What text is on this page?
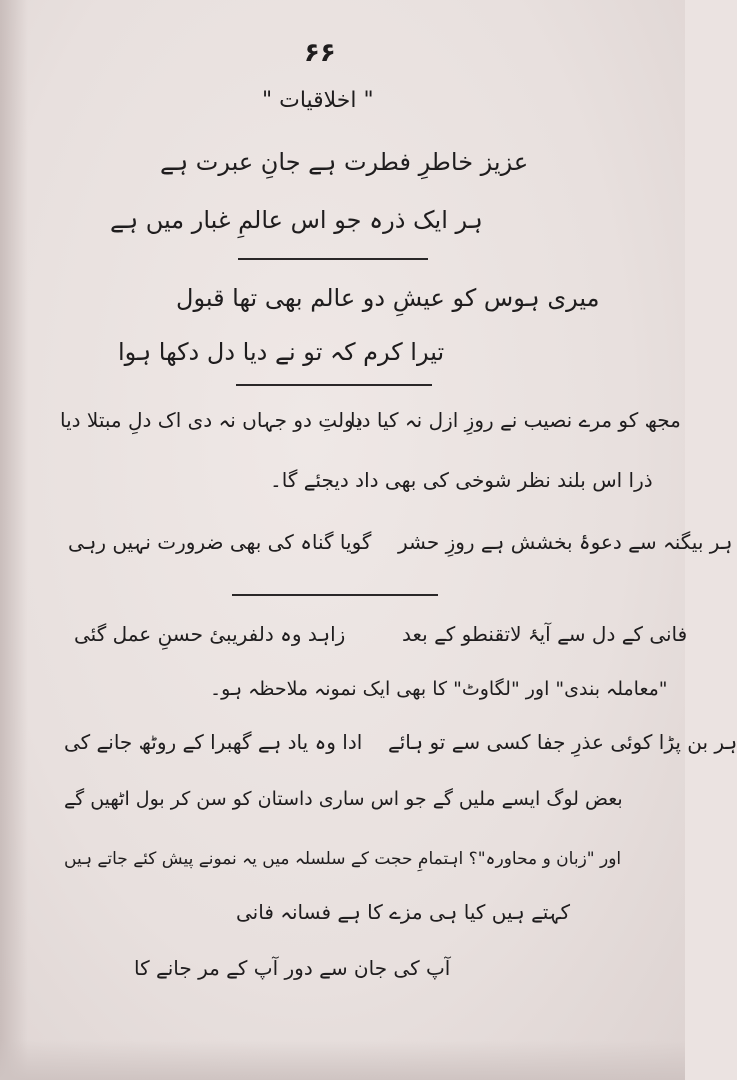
۶۶
" اخلاقیات "
عزیز خاطرِ فطرت ہے جانِ عبرت ہے
ہر ایک ذرہ جو اس عالمِ غبار میں ہے
میری ہوس کو عیشِ دو عالم بھی تھا قبول
تیرا کرم کہ تو نے دیا دل دکھا ہوا
مجھ کو مرے نصیب نے روزِ ازل نہ کیا دیا
دولتِ دو جہاں نہ دی اک دلِ مبتلا دیا
ذرا اس بلند نظر شوخی کی بھی داد دیجئے گا۔
ہر بیگنہ سے دعوۂ بخشش ہے روزِ حشر
گویا گناہ کی بھی ضرورت نہیں رہی
فانی کے دل سے آیۂ لاتقنطو کے بعد
زاہد وہ دلفریبیٔ حسنِ عمل گئی
"معاملہ بندی" اور "لگاوٹ" کا بھی ایک نمونہ ملاحظہ ہو۔
ہر بن پڑا کوئی عذرِ جفا کسی سے تو ہائے
ادا وہ یاد ہے گھبرا کے روٹھ جانے کی
بعض لوگ ایسے ملیں گے جو اس ساری داستان کو سن کر بول اٹھیں گے
اور "زبان و محاورہ"؟ اہتمامِ حجت کے سلسلہ میں یہ نمونے پیش کئے جاتے ہیں
کہتے ہیں کیا ہی مزے کا ہے فسانہ فانی
آپ کی جان سے دور آپ کے مر جانے کا
